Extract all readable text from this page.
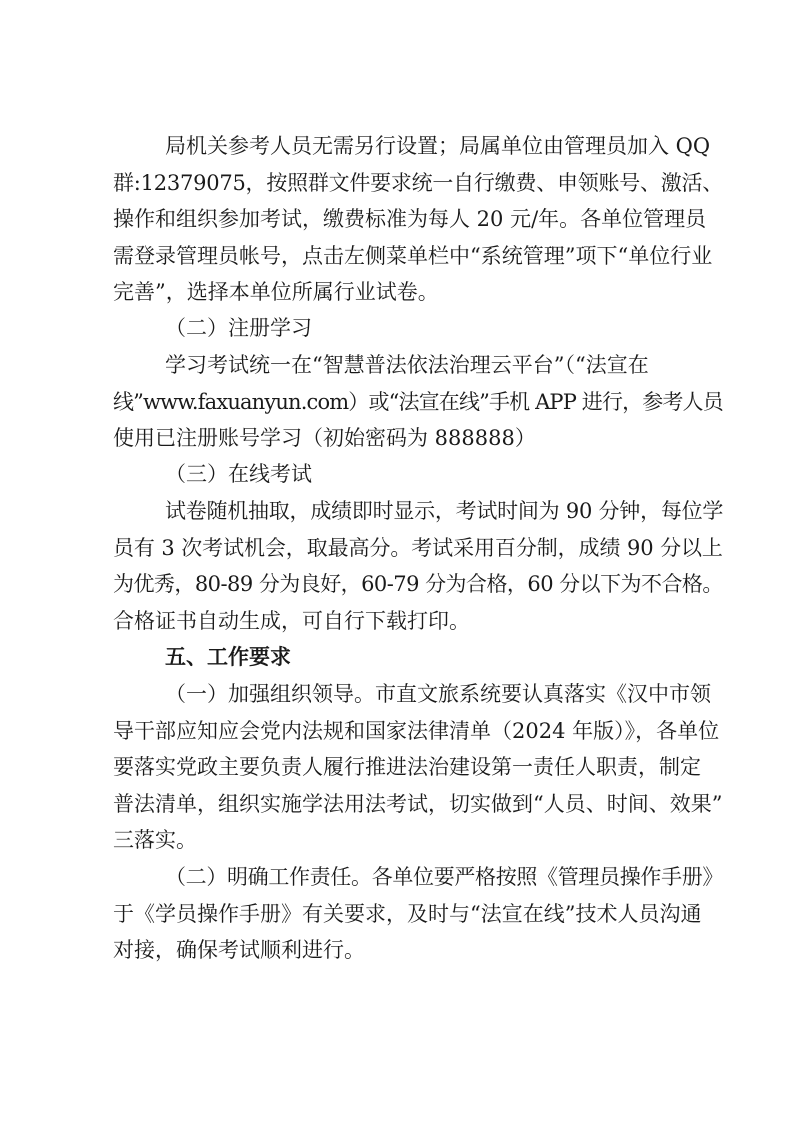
局机关参考人员无需另行设置；局属单位由管理员加入 QQ
群:12379075，按照群文件要求统一自行缴费、申领账号、激活、
操作和组织参加考试，缴费标准为每人 20 元/年。各单位管理员
需登录管理员帐号，点击左侧菜单栏中“系统管理”项下“单位行业
完善”，选择本单位所属行业试卷。
（二）注册学习
学习考试统一在“智慧普法依法治理云平台”（“法宣在
线”www.faxuanyun.com）或“法宣在线”手机 APP 进行，参考人员
使用已注册账号学习（初始密码为 888888）
（三）在线考试
试卷随机抽取，成绩即时显示，考试时间为 90 分钟，每位学
员有 3 次考试机会，取最高分。考试采用百分制，成绩 90 分以上
为优秀，80-89 分为良好，60-79 分为合格，60 分以下为不合格。
合格证书自动生成，可自行下载打印。
五、工作要求
（一）加强组织领导。市直文旅系统要认真落实《汉中市领
导干部应知应会党内法规和国家法律清单（2024 年版）》，各单位
要落实党政主要负责人履行推进法治建设第一责任人职责，制定
普法清单，组织实施学法用法考试，切实做到“人员、时间、效果”
三落实。
（二）明确工作责任。各单位要严格按照《管理员操作手册》
于《学员操作手册》有关要求，及时与“法宣在线”技术人员沟通
对接，确保考试顺利进行。
